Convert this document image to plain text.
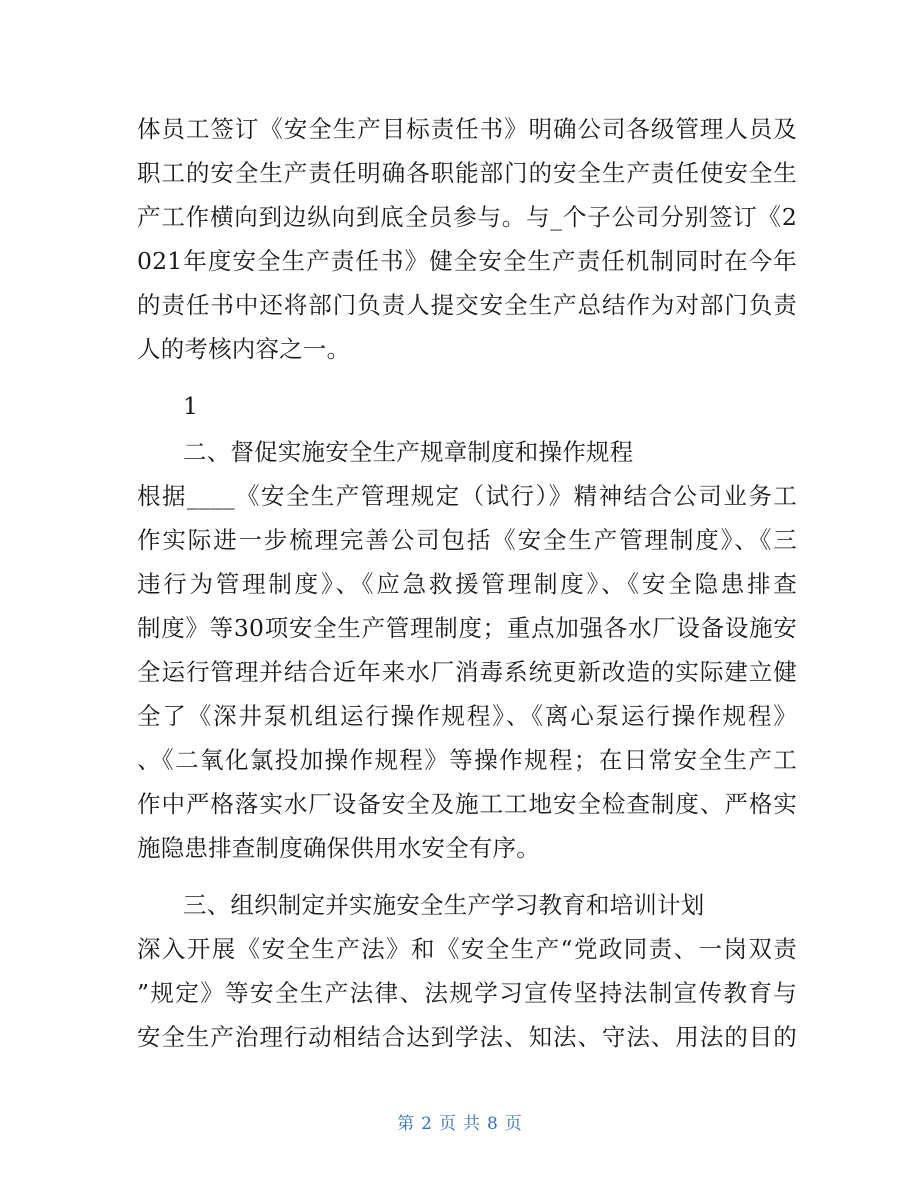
体员工签订《安全生产目标责任书》明确公司各级管理人员及
职工的安全生产责任明确各职能部门的安全生产责任使安全生
产工作横向到边纵向到底全员参与。与_个子公司分别签订《2
021年度安全生产责任书》健全安全生产责任机制同时在今年
的责任书中还将部门负责人提交安全生产总结作为对部门负责
人的考核内容之一。
1
二、督促实施安全生产规章制度和操作规程
根据____《安全生产管理规定（试行）》精神结合公司业务工
作实际进一步梳理完善公司包括《安全生产管理制度》、《三
违行为管理制度》、《应急救援管理制度》、《安全隐患排查
制度》等30项安全生产管理制度；重点加强各水厂设备设施安
全运行管理并结合近年来水厂消毒系统更新改造的实际建立健
全了《深井泵机组运行操作规程》、《离心泵运行操作规程》
、《二氧化氯投加操作规程》等操作规程；在日常安全生产工
作中严格落实水厂设备安全及施工工地安全检查制度、严格实
施隐患排查制度确保供用水安全有序。
三、组织制定并实施安全生产学习教育和培训计划
深入开展《安全生产法》和《安全生产“党政同责、一岗双责
”规定》等安全生产法律、法规学习宣传坚持法制宣传教育与
安全生产治理行动相结合达到学法、知法、守法、用法的目的
第 2 页 共 8 页
